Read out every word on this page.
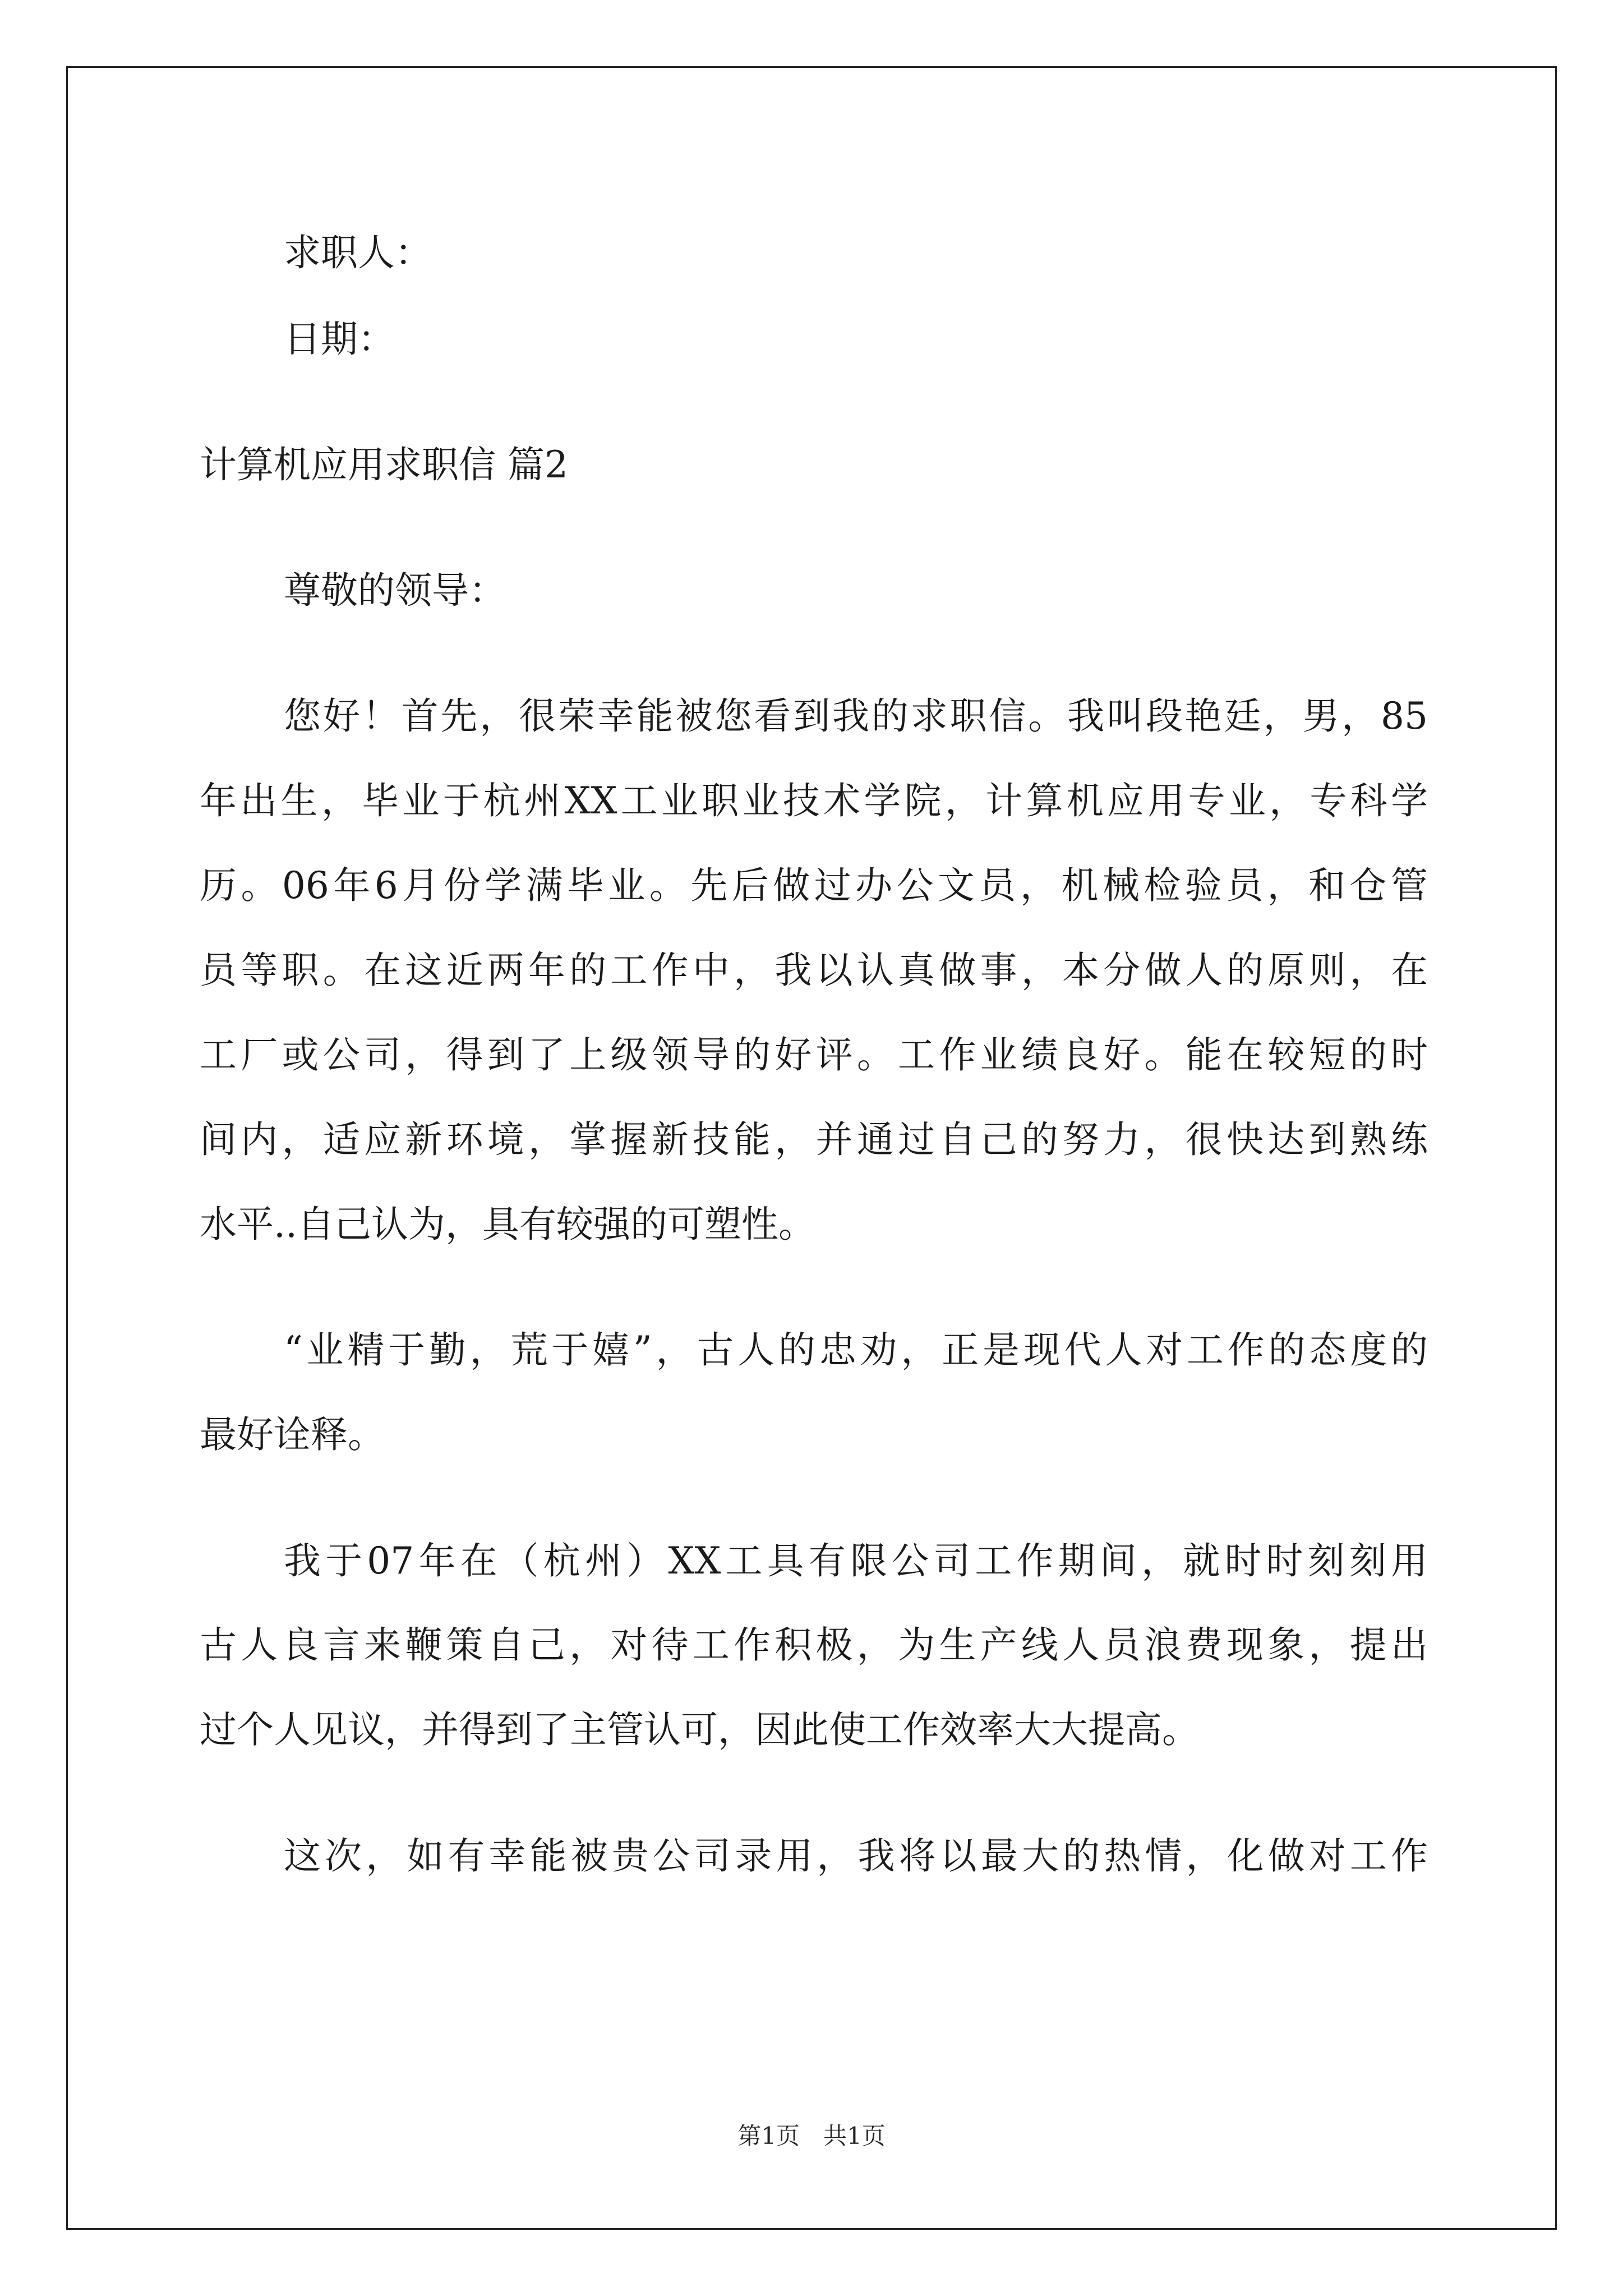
求职人：
日期：
计算机应用求职信 篇2
尊敬的领导：
您好！首先，很荣幸能被您看到我的求职信。我叫段艳廷，男，85
年出生，毕业于杭州XX工业职业技术学院，计算机应用专业，专科学
历。06年6月份学满毕业。先后做过办公文员，机械检验员，和仓管
员等职。在这近两年的工作中，我以认真做事，本分做人的原则，在
工厂或公司，得到了上级领导的好评。工作业绩良好。能在较短的时
间内，适应新环境，掌握新技能，并通过自己的努力，很快达到熟练
水平..自己认为，具有较强的可塑性。
“业精于勤，荒于嬉”，古人的忠劝，正是现代人对工作的态度的
最好诠释。
我于07年在（杭州）XX工具有限公司工作期间，就时时刻刻用
古人良言来鞭策自己，对待工作积极，为生产线人员浪费现象，提出
过个人见议，并得到了主管认可，因此使工作效率大大提高。
这次，如有幸能被贵公司录用，我将以最大的热情，化做对工作
第1页　共1页
